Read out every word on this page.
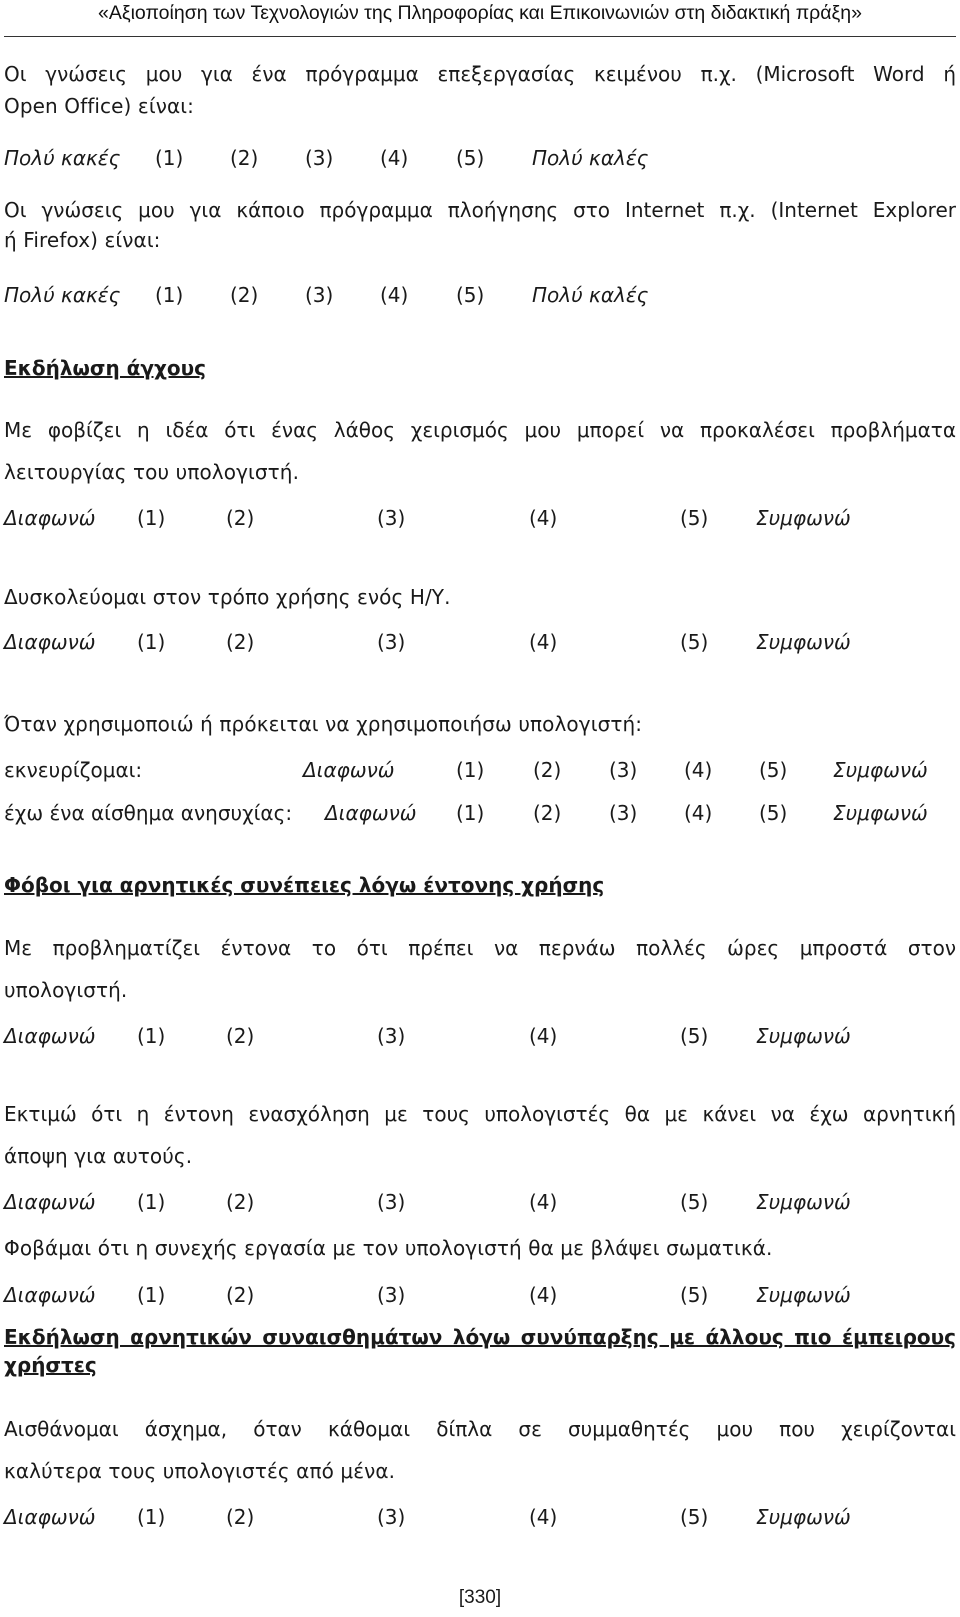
«Αξιοποίηση των Τεχνολογιών της Πληροφορίας και Επικοινωνιών στη διδακτική πράξη»
Οι γνώσεις μου για ένα πρόγραμμα επεξεργασίας κειμένου π.χ. (Microsoft Word ή
Open Office) είναι:
Πολύ κακές (1) (2) (3) (4) (5) Πολύ καλές
Οι γνώσεις μου για κάποιο πρόγραμμα πλοήγησης στο Internet π.χ. (Internet Explorer
ή Firefox) είναι:
Πολύ κακές (1) (2) (3) (4) (5) Πολύ καλές
Εκδήλωση άγχους
Με φοβίζει η ιδέα ότι ένας λάθος χειρισμός μου μπορεί να προκαλέσει προβλήματα
λειτουργίας του υπολογιστή.
Διαφωνώ (1)	(2)	(3)	(4)	(5) Συμφωνώ
Δυσκολεύομαι στον τρόπο χρήσης ενός Η/Υ.
Διαφωνώ (1)	(2)	(3)	(4)	(5) Συμφωνώ
Όταν χρησιμοποιώ ή πρόκειται να χρησιμοποιήσω υπολογιστή:
εκνευρίζομαι:	Διαφωνώ	(1) (2) (3) (4) (5) Συμφωνώ
έχω ένα αίσθημα ανησυχίας: Διαφωνώ (1) (2) (3) (4) (5) Συμφωνώ
Φόβοι για αρνητικές συνέπειες λόγω έντονης χρήσης
Με προβληματίζει έντονα το ότι πρέπει να περνάω πολλές ώρες μπροστά στον
υπολογιστή.
Διαφωνώ (1)	(2)	(3)	(4)	(5) Συμφωνώ
Εκτιμώ ότι η έντονη ενασχόληση με τους υπολογιστές θα με κάνει να έχω αρνητική
άποψη για αυτούς.
Διαφωνώ (1)	(2)	(3)	(4)	(5) Συμφωνώ
Φοβάμαι ότι η συνεχής εργασία με τον υπολογιστή θα με βλάψει σωματικά.
Διαφωνώ (1)	(2)	(3)	(4)	(5) Συμφωνώ
Εκδήλωση αρνητικών συναισθημάτων λόγω συνύπαρξης με άλλους πιο έμπειρους
χρήστες
Αισθάνομαι άσχημα, όταν κάθομαι δίπλα σε συμμαθητές μου που χειρίζονται
καλύτερα τους υπολογιστές από μένα.
Διαφωνώ (1)	(2)	(3)	(4)	(5) Συμφωνώ
[330]
